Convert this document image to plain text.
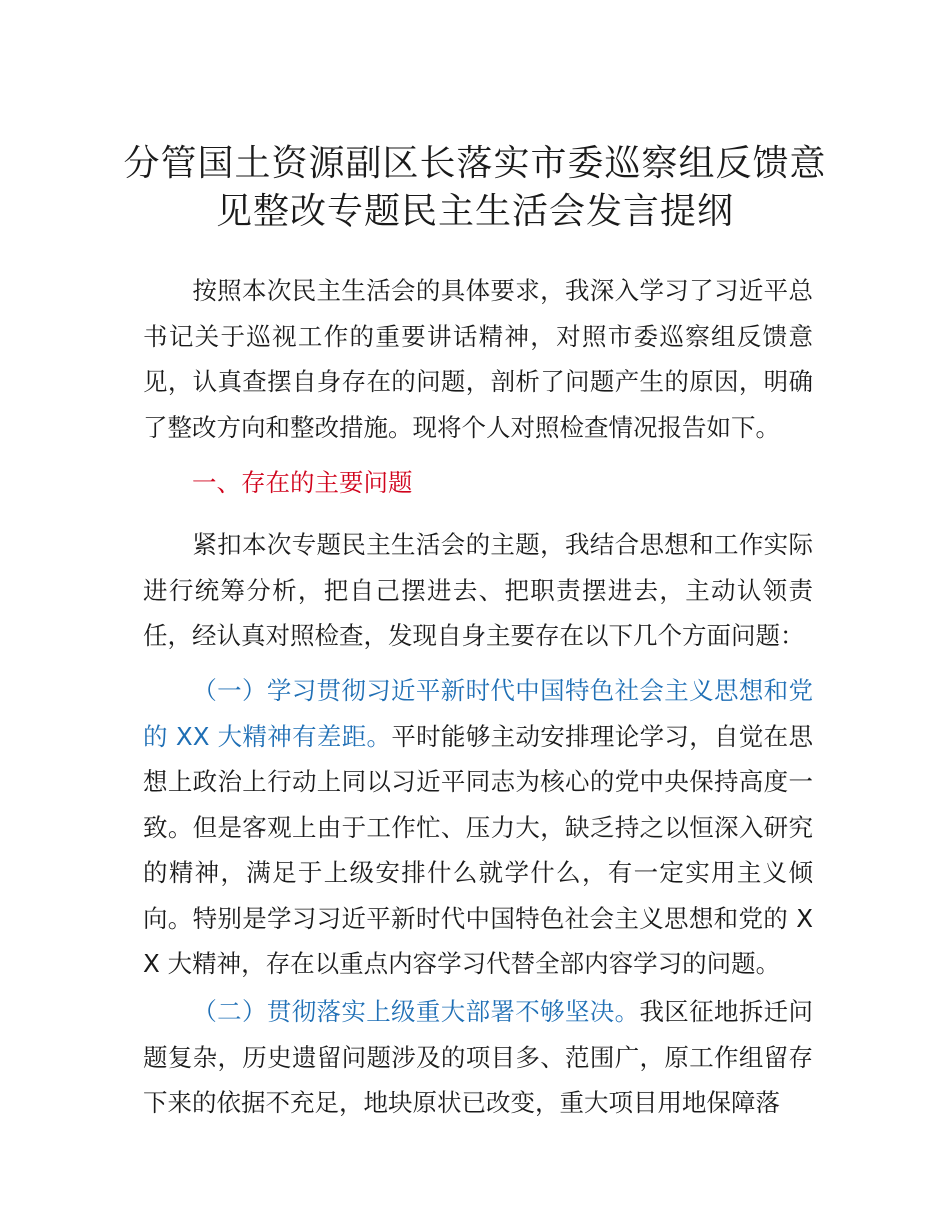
分管国土资源副区长落实市委巡察组反馈意
见整改专题民主生活会发言提纲

按照本次民主生活会的具体要求，我深入学习了习近平总书记关于巡视工作的重要讲话精神，对照市委巡察组反馈意见，认真查摆自身存在的问题，剖析了问题产生的原因，明确了整改方向和整改措施。现将个人对照检查情况报告如下。

一、存在的主要问题

紧扣本次专题民主生活会的主题，我结合思想和工作实际进行统筹分析，把自己摆进去、把职责摆进去，主动认领责任，经认真对照检查，发现自身主要存在以下几个方面问题：

（一）学习贯彻习近平新时代中国特色社会主义思想和党的 XX 大精神有差距。平时能够主动安排理论学习，自觉在思想上政治上行动上同以习近平同志为核心的党中央保持高度一致。但是客观上由于工作忙、压力大，缺乏持之以恒深入研究的精神，满足于上级安排什么就学什么，有一定实用主义倾向。特别是学习习近平新时代中国特色社会主义思想和党的 XX 大精神，存在以重点内容学习代替全部内容学习的问题。

（二）贯彻落实上级重大部署不够坚决。我区征地拆迁问题复杂，历史遗留问题涉及的项目多、范围广，原工作组留存下来的依据不充足，地块原状已改变，重大项目用地保障落
